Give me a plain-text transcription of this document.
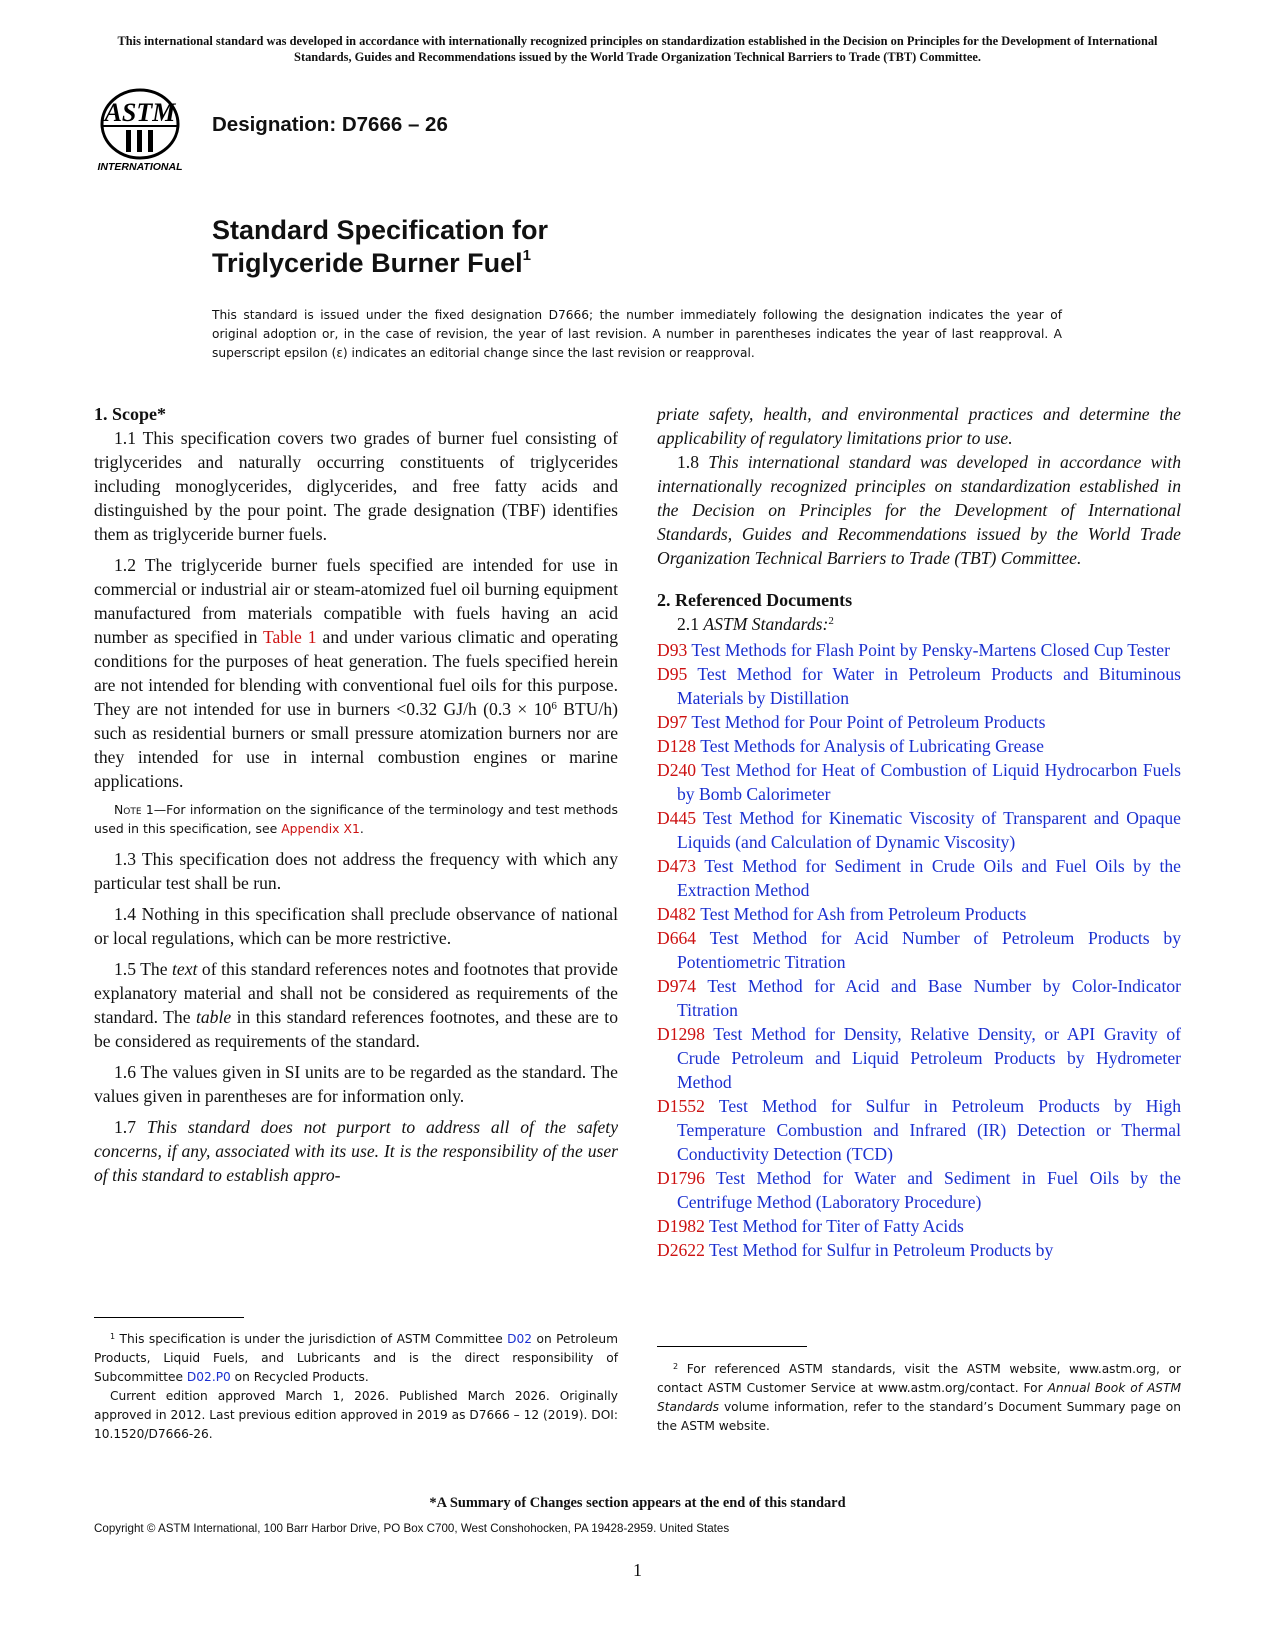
This international standard was developed in accordance with internationally recognized principles on standardization established in the Decision on Principles for the Development of International Standards, Guides and Recommendations issued by the World Trade Organization Technical Barriers to Trade (TBT) Committee.
ASTM
INTERNATIONAL
Designation: D7666 – 26
Standard Specification for
Triglyceride Burner Fuel$^1$
This standard is issued under the fixed designation D7666; the number immediately following the designation indicates the year of original adoption or, in the case of revision, the year of last revision. A number in parentheses indicates the year of last reapproval. A superscript epsilon (ε) indicates an editorial change since the last revision or reapproval.

1. Scope*

1.1 This specification covers two grades of burner fuel consisting of triglycerides and naturally occurring constituents of triglycerides including monoglycerides, diglycerides, and free fatty acids and distinguished by the pour point. The grade designation (TBF) identifies them as triglyceride burner fuels.

1.2 The triglyceride burner fuels specified are intended for use in commercial or industrial air or steam-atomized fuel oil burning equipment manufactured from materials compatible with fuels having an acid number as specified in Table 1 and under various climatic and operating conditions for the purposes of heat generation. The fuels specified herein are not intended for blending with conventional fuel oils for this purpose. They are not intended for use in burners <0.32 GJ/h ($0.3 \times 10^6$ BTU/h) such as residential burners or small pressure atomization burners nor are they intended for use in internal combustion engines or marine applications.

Note 1—For information on the significance of the terminology and test methods used in this specification, see Appendix X1.

1.3 This specification does not address the frequency with which any particular test shall be run.

1.4 Nothing in this specification shall preclude observance of national or local regulations, which can be more restrictive.

1.5 The text of this standard references notes and footnotes that provide explanatory material and shall not be considered as requirements of the standard. The table in this standard references footnotes, and these are to be considered as requirements of the standard.

1.6 The values given in SI units are to be regarded as the standard. The values given in parentheses are for information only.

1.7 This standard does not purport to address all of the safety concerns, if any, associated with its use. It is the responsibility of the user of this standard to establish appro-

priate safety, health, and environmental practices and determine the applicability of regulatory limitations prior to use.

1.8 This international standard was developed in accordance with internationally recognized principles on standardization established in the Decision on Principles for the Development of International Standards, Guides and Recommendations issued by the World Trade Organization Technical Barriers to Trade (TBT) Committee.

2. Referenced Documents

2.1 ASTM Standards:$^2$

D93 Test Methods for Flash Point by Pensky-Martens Closed Cup Tester

D95 Test Method for Water in Petroleum Products and Bituminous Materials by Distillation

D97 Test Method for Pour Point of Petroleum Products

D128 Test Methods for Analysis of Lubricating Grease

D240 Test Method for Heat of Combustion of Liquid Hydrocarbon Fuels by Bomb Calorimeter

D445 Test Method for Kinematic Viscosity of Transparent and Opaque Liquids (and Calculation of Dynamic Viscosity)

D473 Test Method for Sediment in Crude Oils and Fuel Oils by the Extraction Method

D482 Test Method for Ash from Petroleum Products

D664 Test Method for Acid Number of Petroleum Products by Potentiometric Titration

D974 Test Method for Acid and Base Number by Color-Indicator Titration

D1298 Test Method for Density, Relative Density, or API Gravity of Crude Petroleum and Liquid Petroleum Products by Hydrometer Method

D1552 Test Method for Sulfur in Petroleum Products by High Temperature Combustion and Infrared (IR) Detection or Thermal Conductivity Detection (TCD)

D1796 Test Method for Water and Sediment in Fuel Oils by the Centrifuge Method (Laboratory Procedure)

D1982 Test Method for Titer of Fatty Acids

D2622 Test Method for Sulfur in Petroleum Products by

$^1$ This specification is under the jurisdiction of ASTM Committee D02 on Petroleum Products, Liquid Fuels, and Lubricants and is the direct responsibility of Subcommittee D02.P0 on Recycled Products.

Current edition approved March 1, 2026. Published March 2026. Originally approved in 2012. Last previous edition approved in 2019 as D7666 – 12 (2019). DOI: 10.1520/D7666-26.

$^2$ For referenced ASTM standards, visit the ASTM website, www.astm.org, or contact ASTM Customer Service at www.astm.org/contact. For Annual Book of ASTM Standards volume information, refer to the standard’s Document Summary page on the ASTM website.

*A Summary of Changes section appears at the end of this standard
Copyright © ASTM International, 100 Barr Harbor Drive, PO Box C700, West Conshohocken, PA 19428-2959. United States
1
